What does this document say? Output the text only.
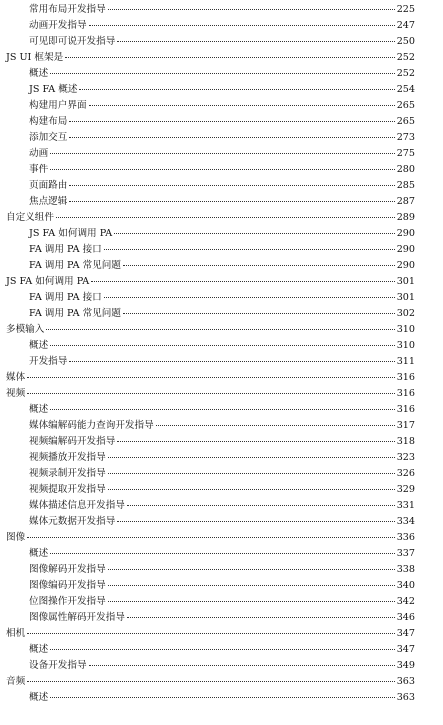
常用布局开发指导	225
动画开发指导	247
可见即可说开发指导	250
JS UI 框架是	252
概述	252
JS FA 概述	254
构建用户界面	265
构建布局	265
添加交互	273
动画	275
事件	280
页面路由	285
焦点逻辑	287
自定义组件	289
JS FA 如何调用 PA	290
FA 调用 PA 接口	290
FA 调用 PA 常见问题	290
JS FA 如何调用 PA	301
FA 调用 PA 接口	301
FA 调用 PA 常见问题	302
多模输入	310
概述	310
开发指导	311
媒体	316
视频	316
概述	316
媒体编解码能力查询开发指导	317
视频编解码开发指导	318
视频播放开发指导	323
视频录制开发指导	326
视频提取开发指导	329
媒体描述信息开发指导	331
媒体元数据开发指导	334
图像	336
概述	337
图像解码开发指导	338
图像编码开发指导	340
位图操作开发指导	342
图像属性解码开发指导	346
相机	347
概述	347
设备开发指导	349
音频	363
概述	363
